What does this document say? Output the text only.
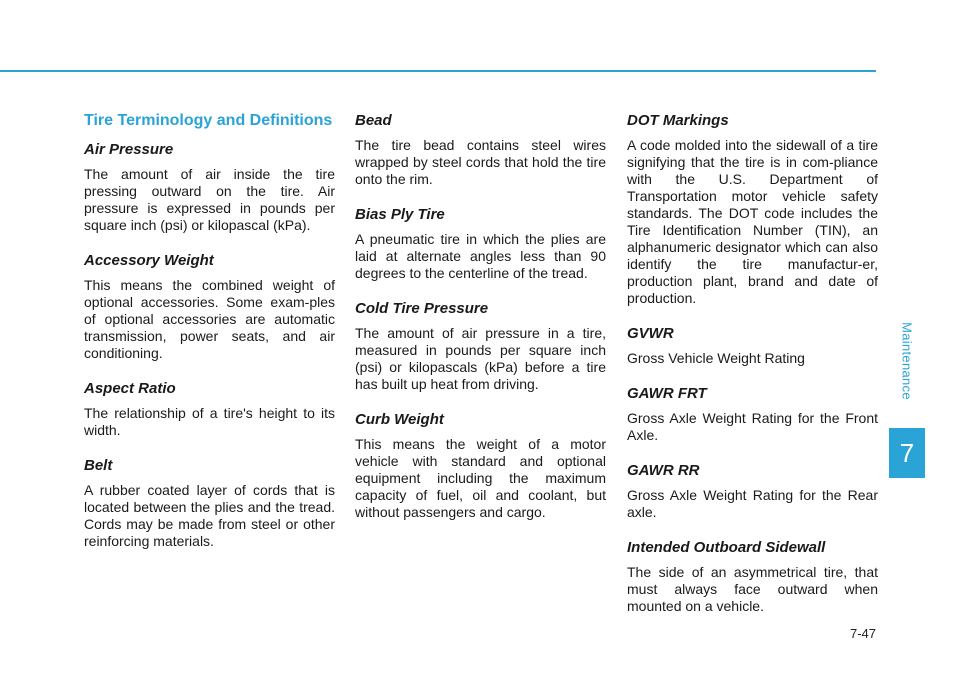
Tire Terminology and Definitions
Air Pressure
The amount of air inside the tire pressing outward on the tire. Air pressure is expressed in pounds per square inch (psi) or kilopascal (kPa).
Accessory Weight
This means the combined weight of optional accessories. Some exam-ples of optional accessories are automatic transmission, power seats, and air conditioning.
Aspect Ratio
The relationship of a tire's height to its width.
Belt
A rubber coated layer of cords that is located between the plies and the tread. Cords may be made from steel or other reinforcing materials.
Bead
The tire bead contains steel wires wrapped by steel cords that hold the tire onto the rim.
Bias Ply Tire
A pneumatic tire in which the plies are laid at alternate angles less than 90 degrees to the centerline of the tread.
Cold Tire Pressure
The amount of air pressure in a tire, measured in pounds per square inch (psi) or kilopascals (kPa) before a tire has built up heat from driving.
Curb Weight
This means the weight of a motor vehicle with standard and optional equipment including the maximum capacity of fuel, oil and coolant, but without passengers and cargo.
DOT Markings
A code molded into the sidewall of a tire signifying that the tire is in com-pliance with the U.S. Department of Transportation motor vehicle safety standards. The DOT code includes the Tire Identification Number (TIN), an alphanumeric designator which can also identify the tire manufactur-er, production plant, brand and date of production.
GVWR
Gross Vehicle Weight Rating
GAWR FRT
Gross Axle Weight Rating for the Front Axle.
GAWR RR
Gross Axle Weight Rating for the Rear axle.
Intended Outboard Sidewall
The side of an asymmetrical tire, that must always face outward when mounted on a vehicle.
Maintenance
7
7-47
